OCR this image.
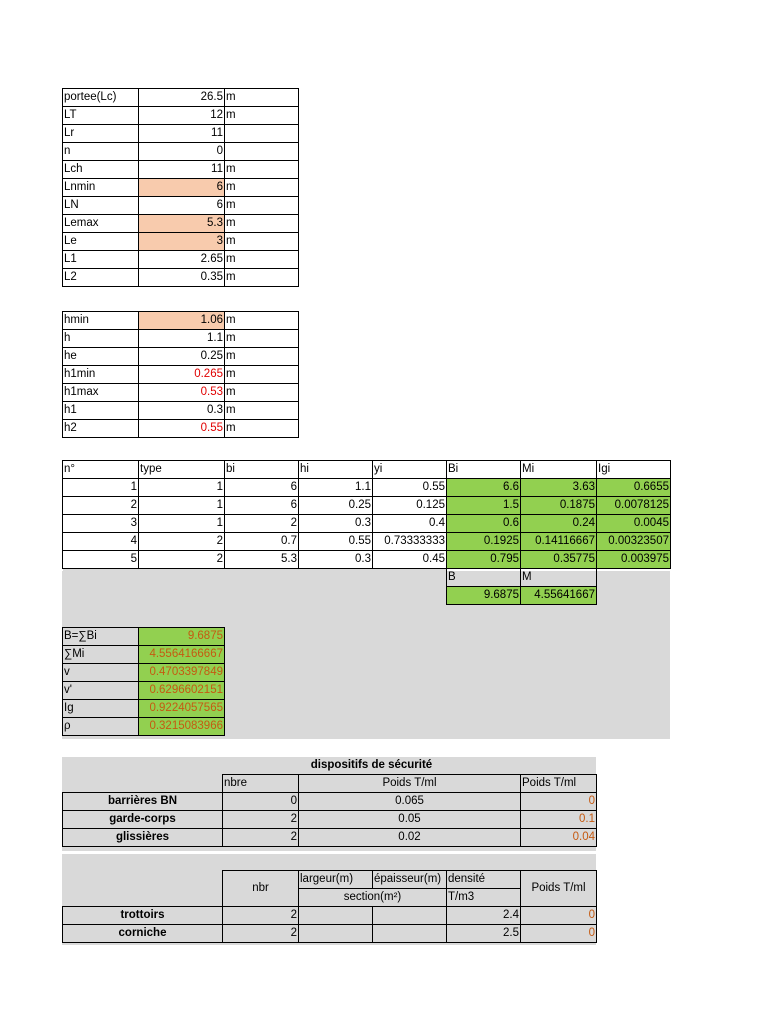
portee(Lc)	26.5	m
LT	12	m
Lr	11	
n	0	
Lch	11	m
Lnmin	6	m
LN	6	m
Lemax	5.3	m
Le	3	m
L1	2.65	m
L2	0.35	m
hmin	1.06	m
h	1.1	m
he	0.25	m
h1min	0.265	m
h1max	0.53	m
h1	0.3	m
h2	0.55	m
n°	type	bi	hi	yi	Bi	Mi	Igi
1	1	6	1.1	0.55	6.6	3.63	0.6655
2	1	6	0.25	0.125	1.5	0.1875	0.0078125
3	1	2	0.3	0.4	0.6	0.24	0.0045
4	2	0.7	0.55	0.73333333	0.1925	0.14116667	0.00323507
5	2	5.3	0.3	0.45	0.795	0.35775	0.003975
					B	M	
					9.6875	4.55641667	
B=∑Bi	9.6875
∑Mi	4.5564166667
v	0.4703397849
v'	0.6296602151
Ig	0.9224057565
ρ	0.3215083966
	dispositifs de sécurité		
	nbre	Poids T/ml	Poids T/ml
barrières BN	0	0.065	0
garde-corps	2	0.05	0.1
glissières	2	0.02	0.04
	nbr	largeur(m)	épaisseur(m)	densité	Poids T/ml
		section(m²)		T/m3	
trottoirs	2			2.4	0
corniche	2			2.5	0
